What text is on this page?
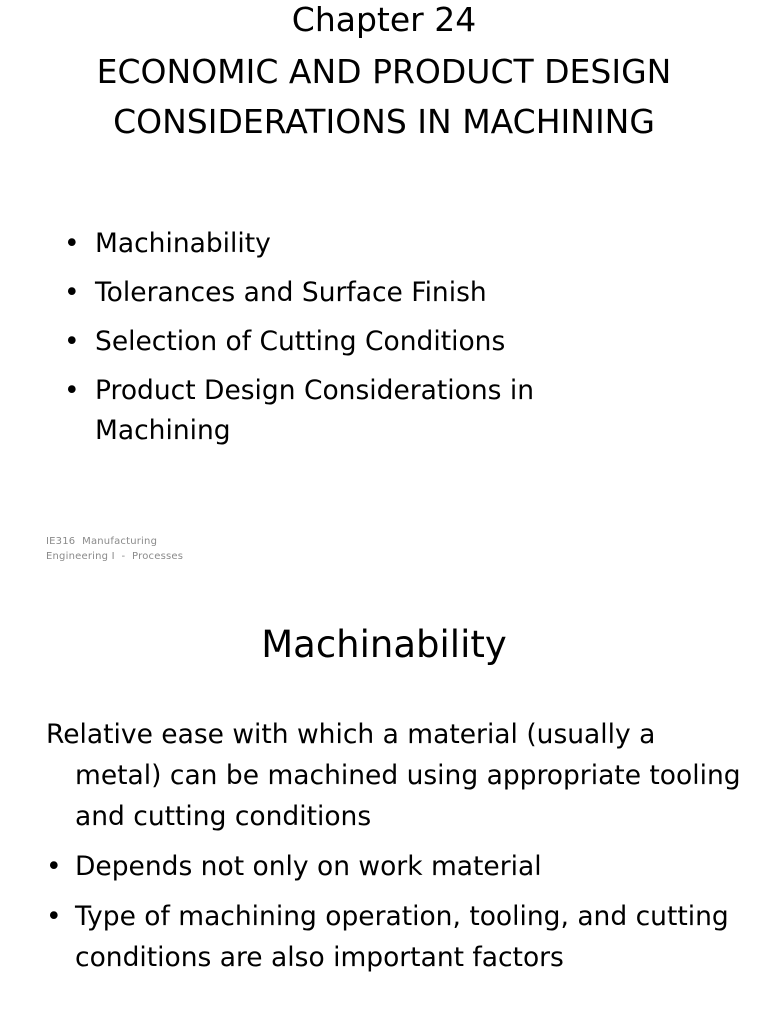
Chapter 24
ECONOMIC AND PRODUCT DESIGN
CONSIDERATIONS IN MACHINING
• Machinability
• Tolerances and Surface Finish
• Selection of Cutting Conditions
• Product Design Considerations in Machining
IE316  Manufacturing
Engineering I  -  Processes
Machinability
Relative ease with which a material (usually a metal) can be machined using appropriate tooling and cutting conditions
• Depends not only on work material
• Type of machining operation, tooling, and cutting conditions are also important factors
